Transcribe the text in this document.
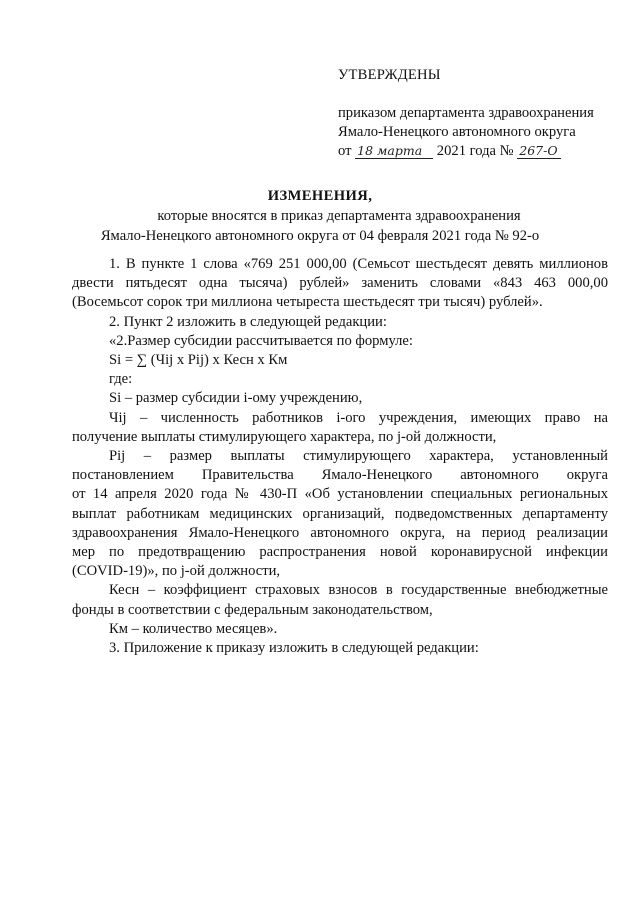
УТВЕРЖДЕНЫ
приказом департамента здравоохранения
Ямало-Ненецкого автономного округа
от 18 марта 2021 года № 267-О
ИЗМЕНЕНИЯ,
которые вносятся в приказ департамента здравоохранения
Ямало-Ненецкого автономного округа от 04 февраля 2021 года № 92-о

1. В пункте 1 слова «769 251 000,00 (Семьсот шестьдесят девять миллионов

двести пятьдесят одна тысяча) рублей» заменить словами «843 463 000,00

(Восемьсот сорок три миллиона четыреста шестьдесят три тысяч) рублей».

2. Пункт 2 изложить в следующей редакции:

«2.Размер субсидии рассчитывается по формуле:

Si = ∑ (Чij х Pij) х Кесн х Км

где:

Si – размер субсидии i-ому учреждению,

Чij – численность работников i-ого учреждения, имеющих право на

получение выплаты стимулирующего характера, по j-ой должности,

Pij – размер выплаты стимулирующего характера, установленный

постановлением Правительства Ямало-Ненецкого автономного округа

от 14 апреля 2020 года № 430-П «Об установлении специальных региональных

выплат работникам медицинских организаций, подведомственных департаменту

здравоохранения Ямало-Ненецкого автономного округа, на период реализации

мер по предотвращению распространения новой коронавирусной инфекции

(COVID-19)», по j-ой должности,

Кесн – коэффициент страховых взносов в государственные внебюджетные

фонды в соответствии с федеральным законодательством,

Км – количество месяцев».

3. Приложение к приказу изложить в следующей редакции:
